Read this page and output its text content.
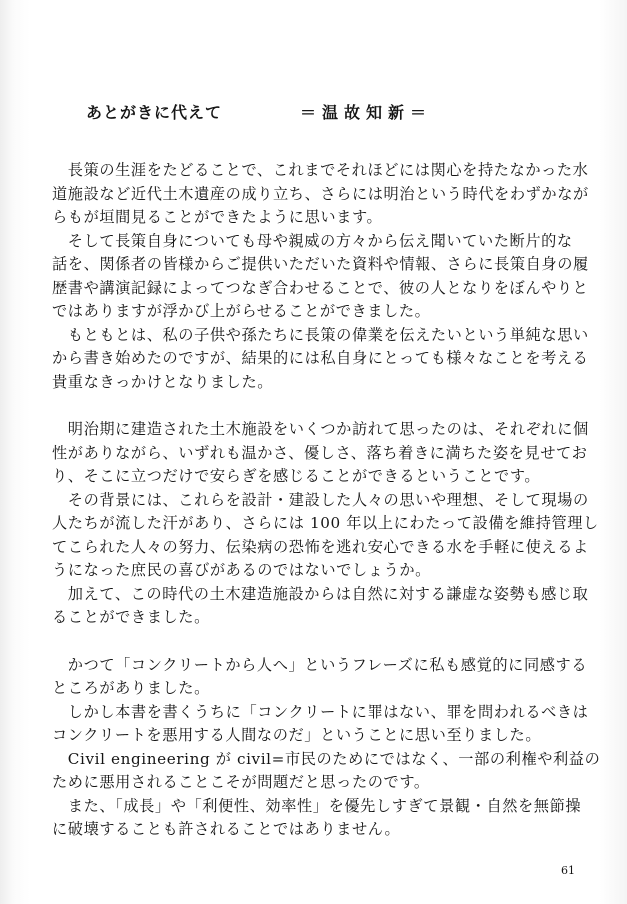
あとがきに代えて	＝温故知新＝
　長策の生涯をたどることで、これまでそれほどには関心を持たなかった水
道施設など近代土木遺産の成り立ち、さらには明治という時代をわずかなが
らもが垣間見ることができたように思います。
　そして長策自身についても母や親威の方々から伝え聞いていた断片的な
話を、関係者の皆様からご提供いただいた資料や情報、さらに長策自身の履
歴書や講演記録によってつなぎ合わせることで、彼の人となりをぼんやりと
ではありますが浮かび上がらせることができました。
　もともとは、私の子供や孫たちに長策の偉業を伝えたいという単純な思い
から書き始めたのですが、結果的には私自身にとっても様々なことを考える
貴重なきっかけとなりました。
　明治期に建造された土木施設をいくつか訪れて思ったのは、それぞれに個
性がありながら、いずれも温かさ、優しさ、落ち着きに満ちた姿を見せてお
り、そこに立つだけで安らぎを感じることができるということです。
　その背景には、これらを設計・建設した人々の思いや理想、そして現場の
人たちが流した汗があり、さらには 100 年以上にわたって設備を維持管理し
てこられた人々の努力、伝染病の恐怖を逃れ安心できる水を手軽に使えるよ
うになった庶民の喜びがあるのではないでしょうか。
　加えて、この時代の土木建造施設からは自然に対する謙虚な姿勢も感じ取
ることができました。
　かつて「コンクリートから人へ」というフレーズに私も感覚的に同感する
ところがありました。
　しかし本書を書くうちに「コンクリートに罪はない、罪を問われるべきは
コンクリートを悪用する人間なのだ」ということに思い至りました。
　Civil engineering が civil=市民のためにではなく、一部の利権や利益の
ために悪用されることこそが問題だと思ったのです。
　また、「成長」や「利便性、効率性」を優先しすぎて景観・自然を無節操
に破壊することも許されることではありません。
61
